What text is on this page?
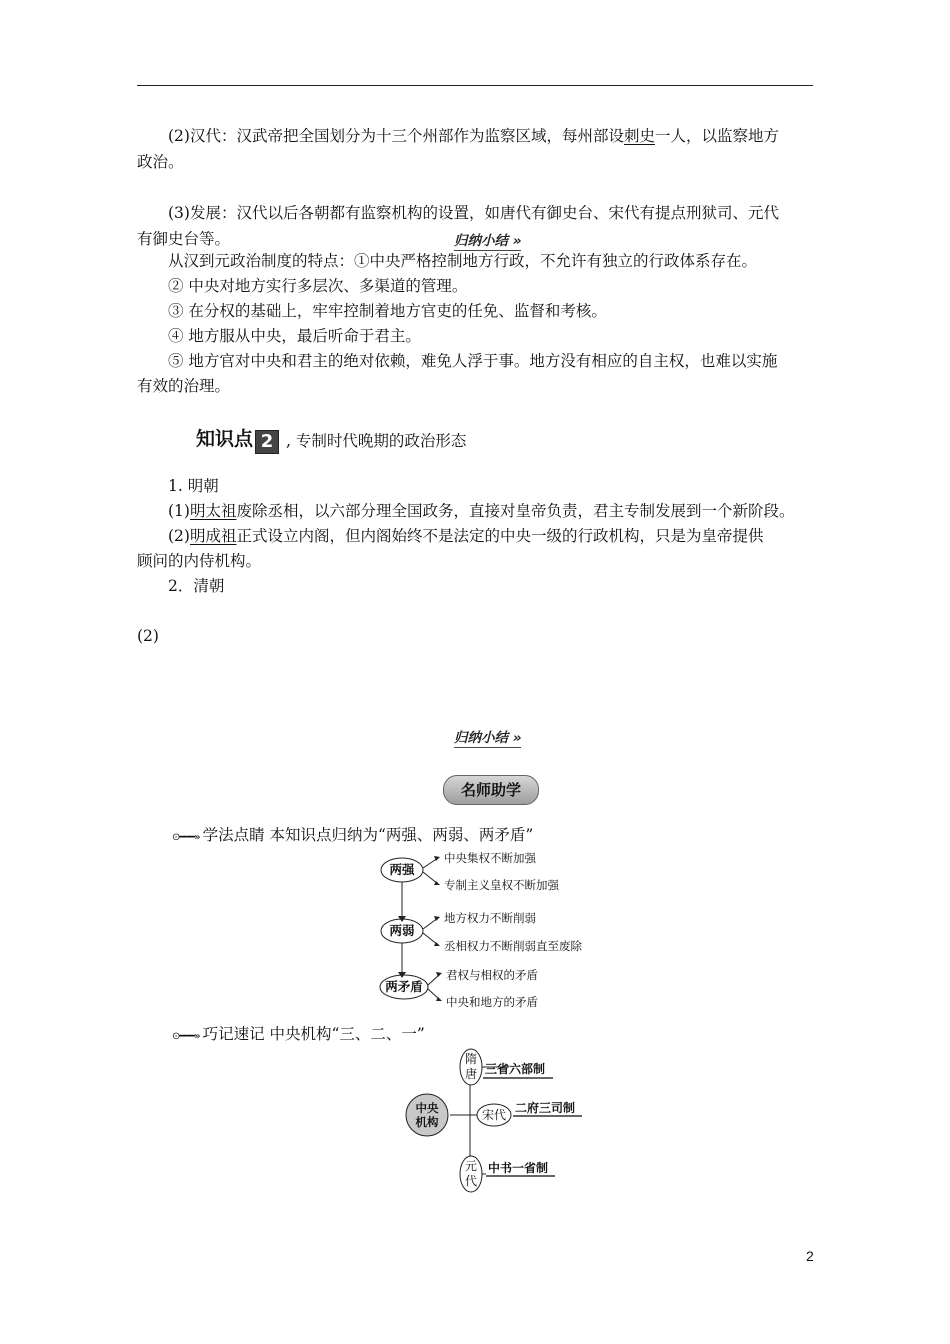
(2)汉代：汉武帝把全国划分为十三个州部作为监察区域，每州部设刺史一人，以监察地方
政治。
(3)发展：汉代以后各朝都有监察机构的设置，如唐代有御史台、宋代有提点刑狱司、元代
有御史台等。	归纳小结 »
从汉到元政治制度的特点：①中央严格控制地方行政，不允许有独立的行政体系存在。
② 中央对地方实行多层次、多渠道的管理。
③ 在分权的基础上，牢牢控制着地方官吏的任免、监督和考核。
④ 地方服从中央，最后听命于君主。
⑤ 地方官对中央和君主的绝对依赖，难免人浮于事。地方没有相应的自主权，也难以实施
有效的治理。
知识点 2 , 专制时代晚期的政治形态
1. 明朝
(1)明太祖废除丞相，以六部分理全国政务，直接对皇帝负责，君主专制发展到一个新阶段。
(2)明成祖正式设立内阁，但内阁始终不是法定的中央一级的行政机构，只是为皇帝提供
顾问的内侍机构。
2．清朝
(2)
归纳小结 »
名师助学
⊙━━━» 学法点睛 本知识点归纳为“两强、两弱、两矛盾”
两强
两弱
两矛盾
中央集权不断加强
专制主义皇权不断加强
地方权力不断削弱
丞相权力不断削弱直至废除
君权与相权的矛盾
中央和地方的矛盾
⊙━━━» 巧记速记 中央机构“三、二、一”
中央
机构
隋
唐
宋代
元
代
三省六部制
二府三司制
中书一省制
2
